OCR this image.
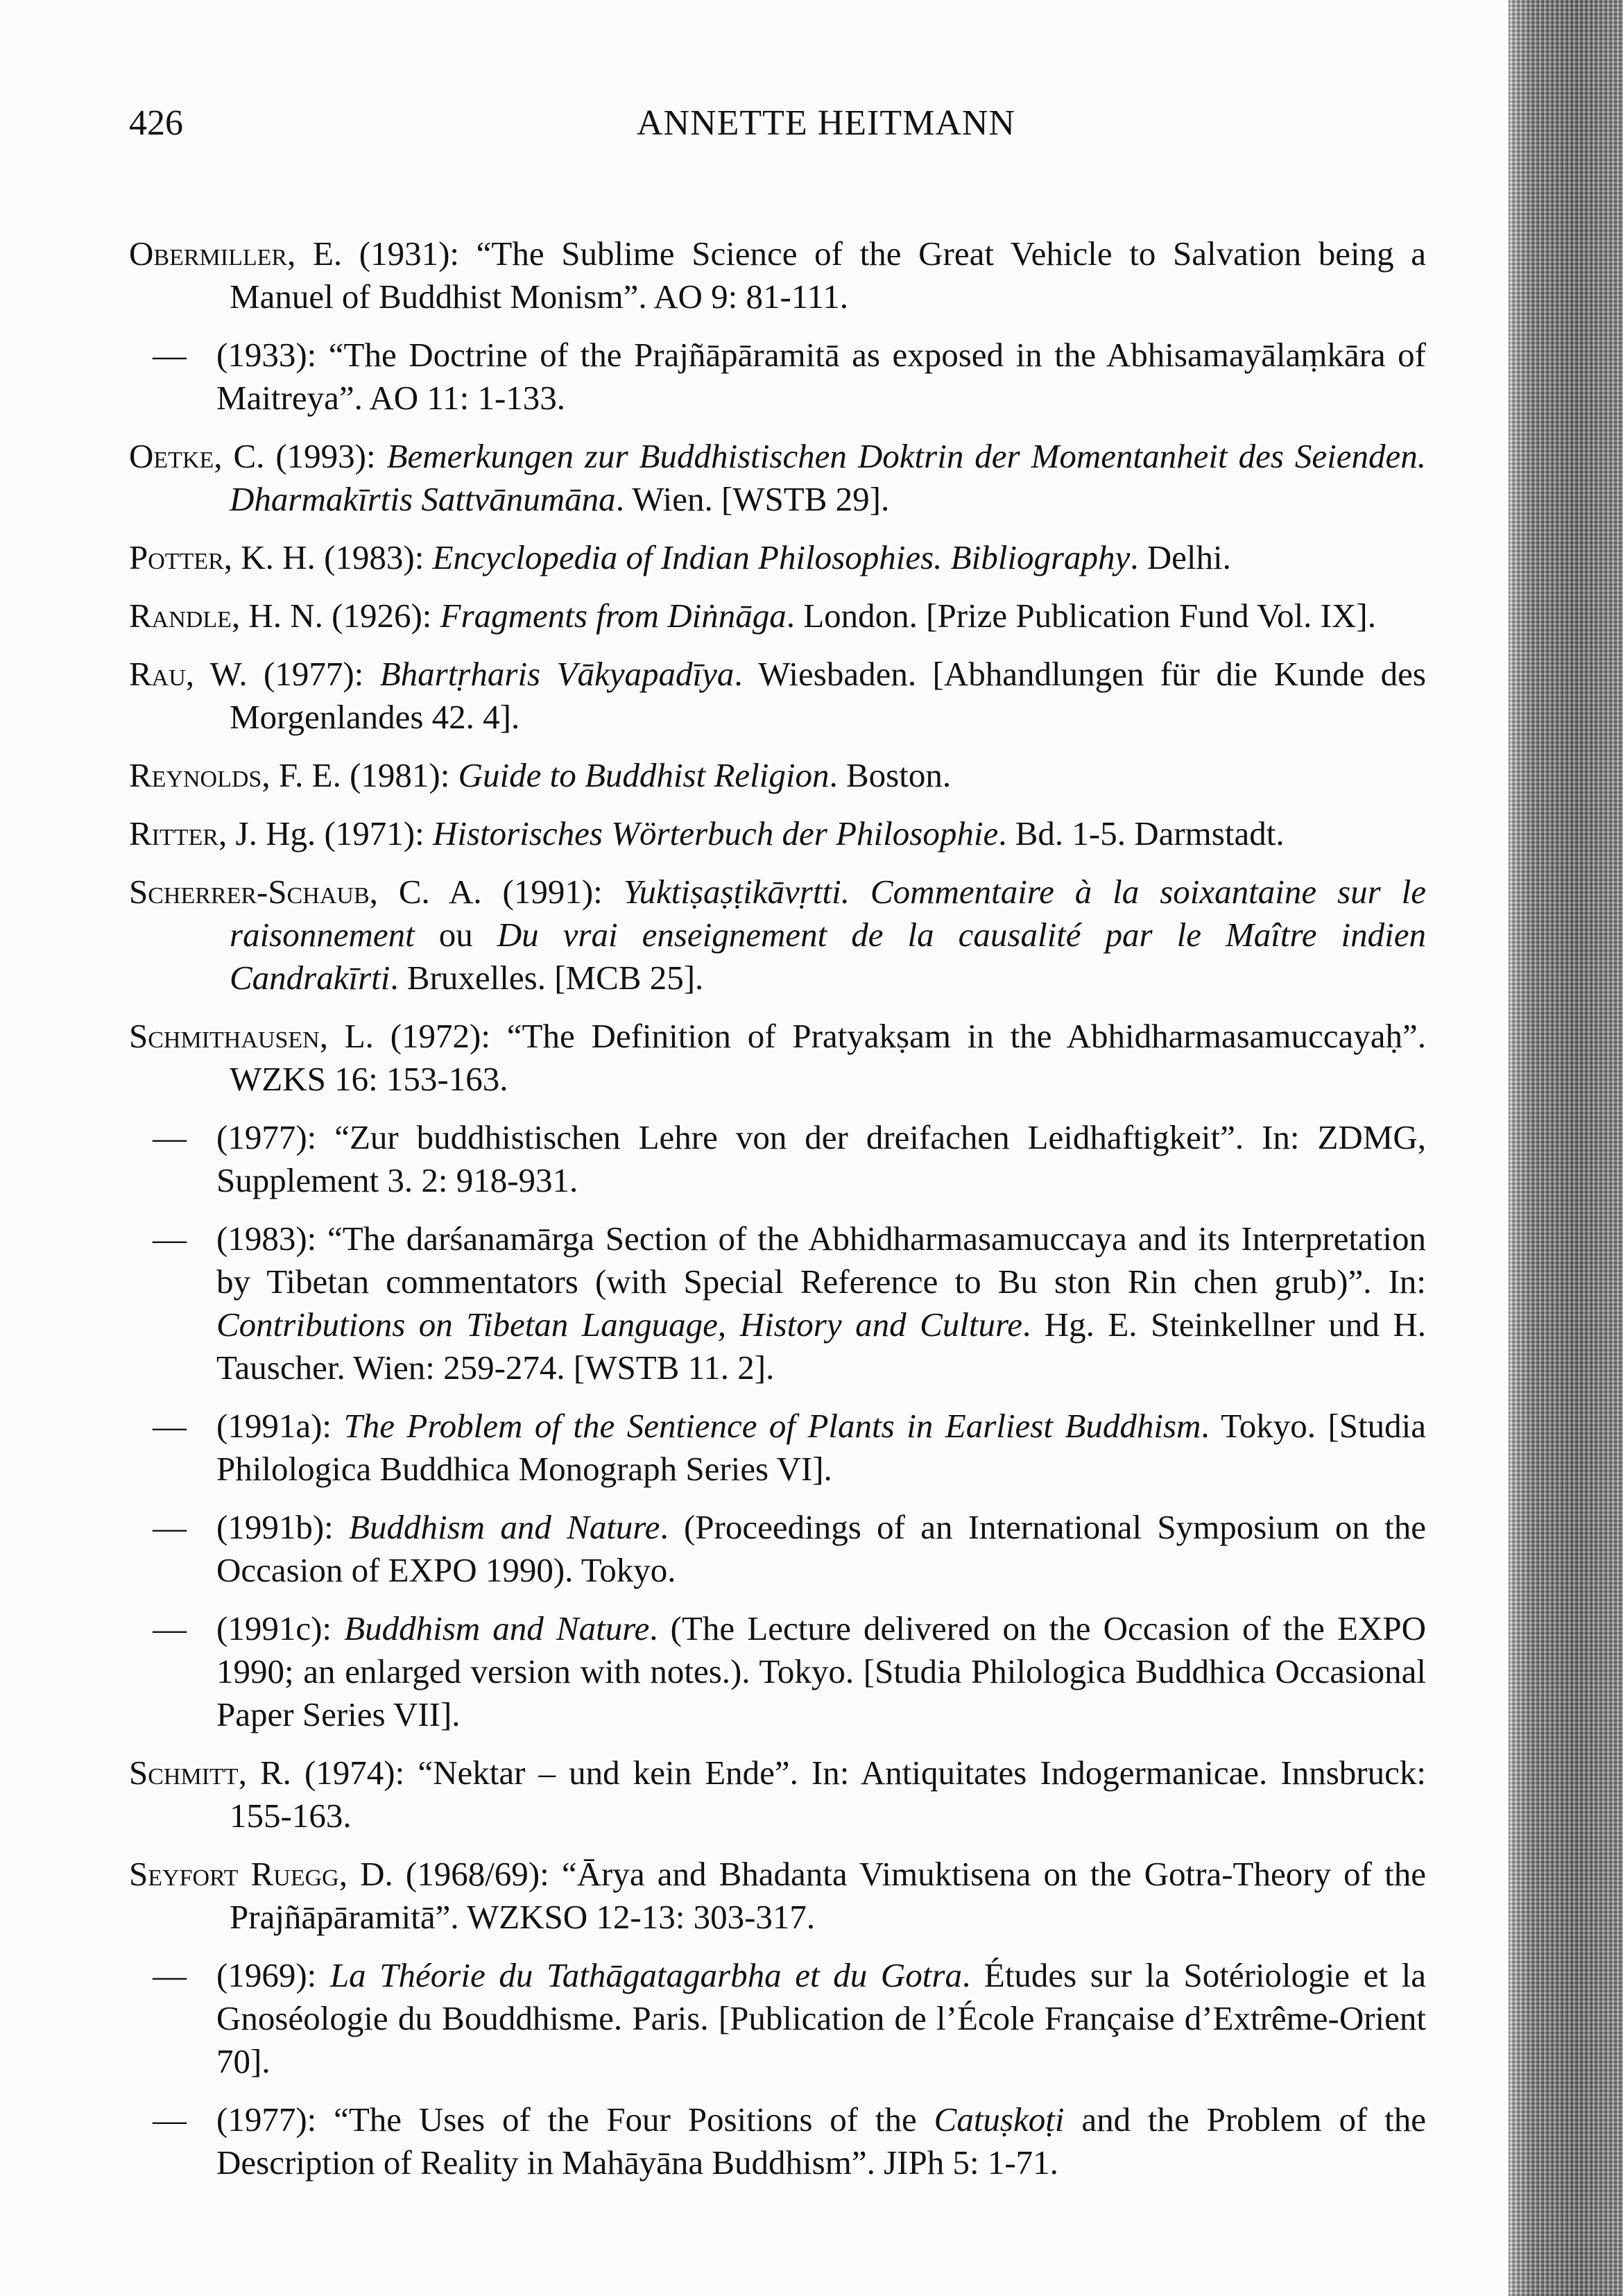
426	ANNETTE HEITMANN
Obermiller, E. (1931): “The Sublime Science of the Great Vehicle to Salvation being a Manuel of Buddhist Monism”. AO 9: 81-111.
— (1933): “The Doctrine of the Prajñāpāramitā as exposed in the Abhisamayālaṃkāra of Maitreya”. AO 11: 1-133.
Oetke, C. (1993): Bemerkungen zur Buddhistischen Doktrin der Momentanheit des Seienden. Dharmakīrtis Sattvānumāna. Wien. [WSTB 29].
Potter, K. H. (1983): Encyclopedia of Indian Philosophies. Bibliography. Delhi.
Randle, H. N. (1926): Fragments from Diṅnāga. London. [Prize Publication Fund Vol. IX].
Rau, W. (1977): Bhartṛharis Vākyapadīya. Wiesbaden. [Abhandlungen für die Kunde des Morgenlandes 42. 4].
Reynolds, F. E. (1981): Guide to Buddhist Religion. Boston.
Ritter, J. Hg. (1971): Historisches Wörterbuch der Philosophie. Bd. 1-5. Darmstadt.
Scherrer-Schaub, C. A. (1991): Yuktiṣaṣṭikāvṛtti. Commentaire à la soixantaine sur le raisonnement ou Du vrai enseignement de la causalité par le Maître indien Candrakīrti. Bruxelles. [MCB 25].
Schmithausen, L. (1972): “The Definition of Pratyakṣam in the Abhidharmasamuccayaḥ”. WZKS 16: 153-163.
— (1977): “Zur buddhistischen Lehre von der dreifachen Leidhaftigkeit”. In: ZDMG, Supplement 3. 2: 918-931.
— (1983): “The darśanamārga Section of the Abhidharmasamuccaya and its Interpretation by Tibetan commentators (with Special Reference to Bu ston Rin chen grub)”. In: Contributions on Tibetan Language, History and Culture. Hg. E. Steinkellner und H. Tauscher. Wien: 259-274. [WSTB 11. 2].
— (1991a): The Problem of the Sentience of Plants in Earliest Buddhism. Tokyo. [Studia Philologica Buddhica Monograph Series VI].
— (1991b): Buddhism and Nature. (Proceedings of an International Symposium on the Occasion of EXPO 1990). Tokyo.
— (1991c): Buddhism and Nature. (The Lecture delivered on the Occasion of the EXPO 1990; an enlarged version with notes.). Tokyo. [Studia Philologica Buddhica Occasional Paper Series VII].
Schmitt, R. (1974): “Nektar – und kein Ende”. In: Antiquitates Indogermanicae. Innsbruck: 155-163.
Seyfort Ruegg, D. (1968/69): “Ārya and Bhadanta Vimuktisena on the Gotra-Theory of the Prajñāpāramitā”. WZKSO 12-13: 303-317.
— (1969): La Théorie du Tathāgatagarbha et du Gotra. Études sur la Sotériologie et la Gnoséologie du Bouddhisme. Paris. [Publication de l’École Française d’Extrême-Orient 70].
— (1977): “The Uses of the Four Positions of the Catuṣkoṭi and the Problem of the Description of Reality in Mahāyāna Buddhism”. JIPh 5: 1-71.
